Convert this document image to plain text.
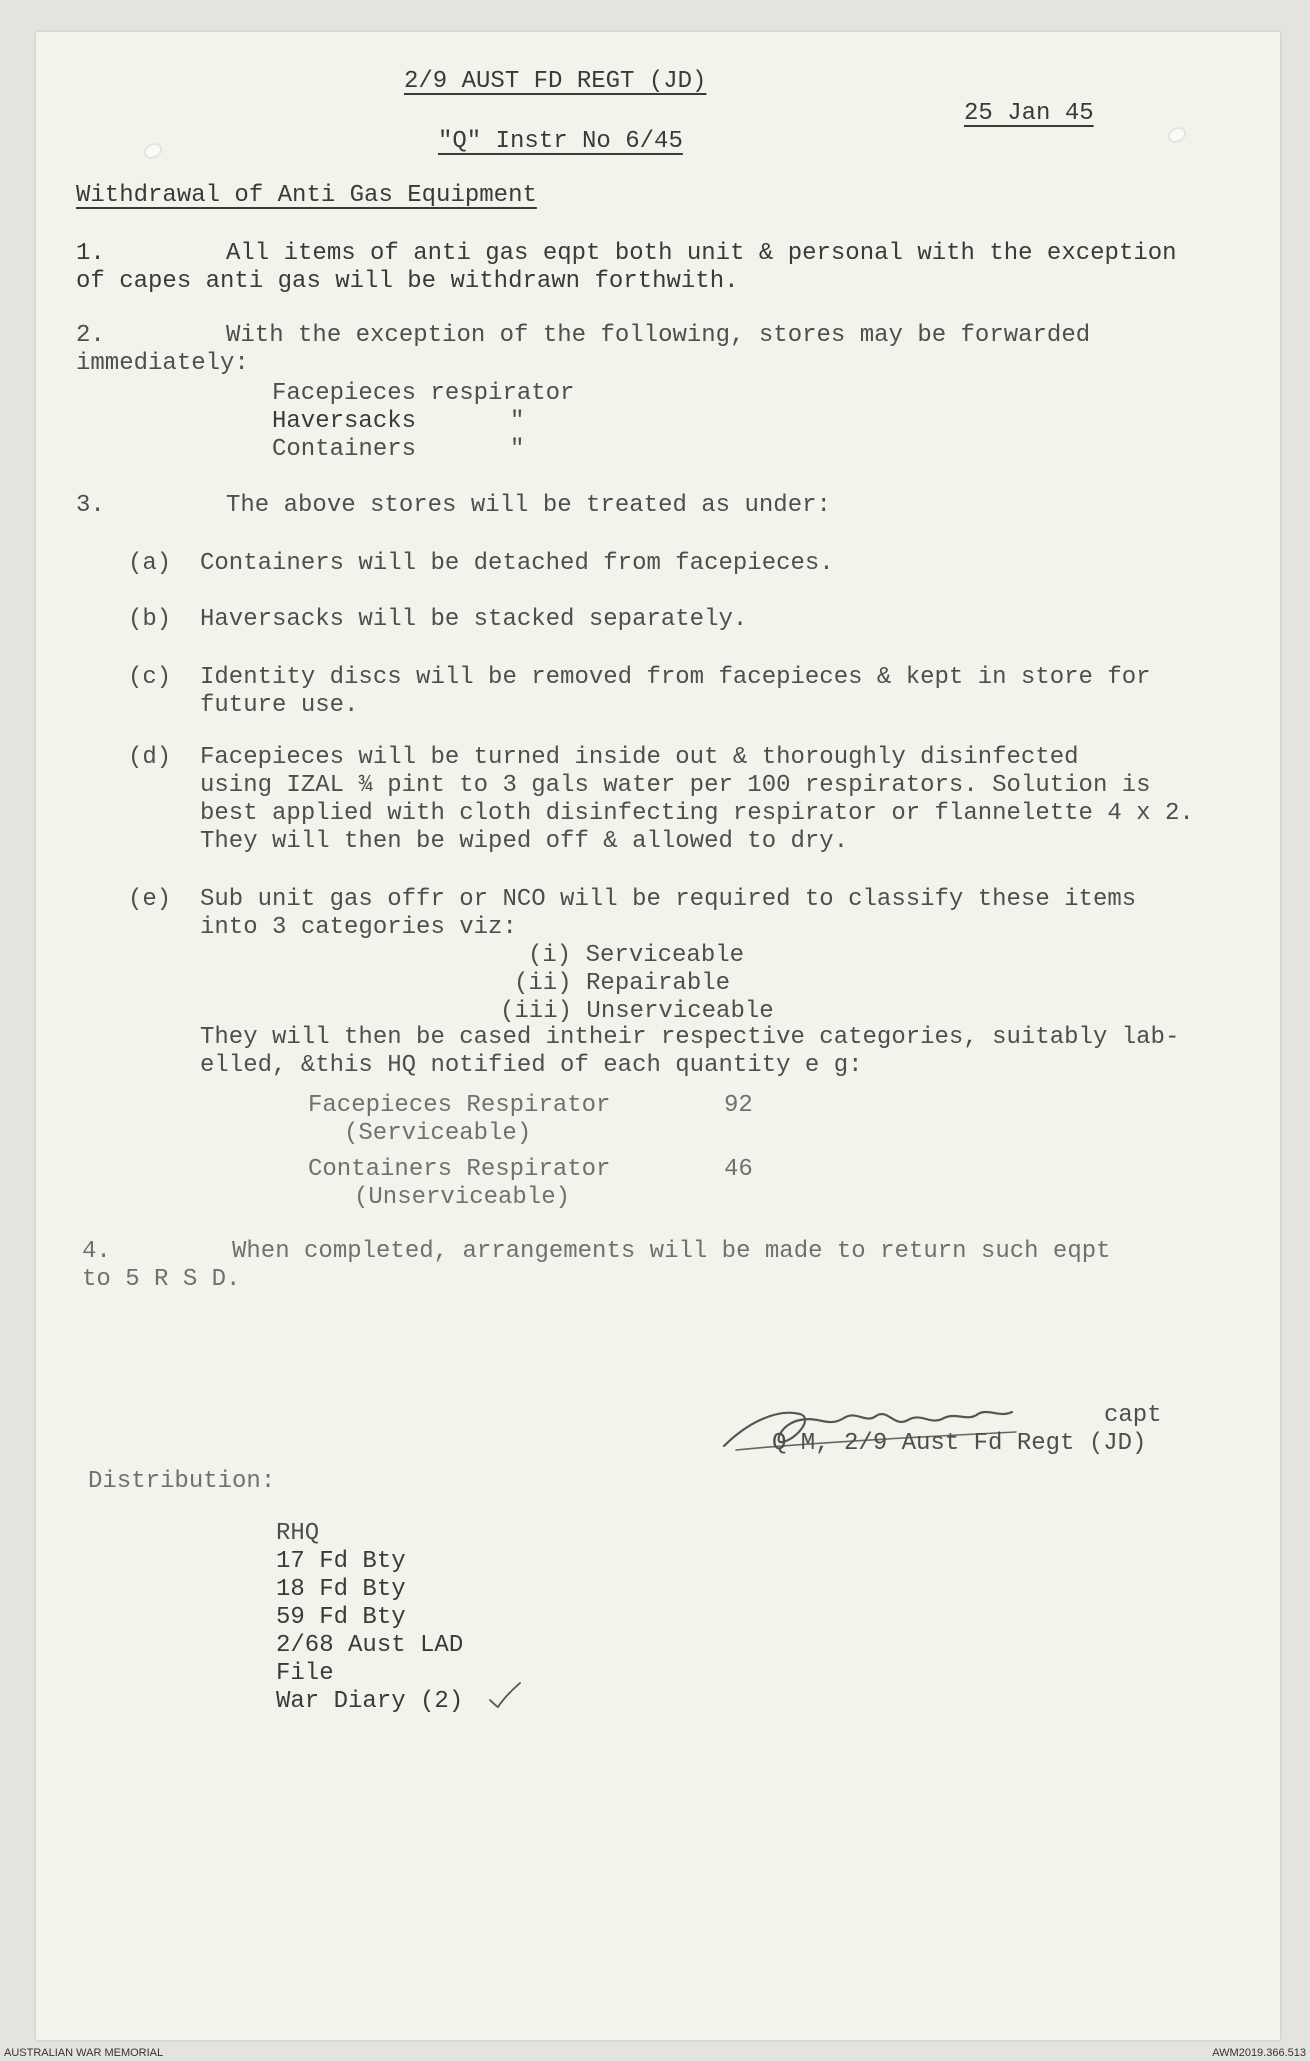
2/9 AUST FD REGT (JD)
"Q" Instr No 6/45
25 Jan 45
Withdrawal of Anti Gas Equipment
1.	All items of anti gas eqpt both unit & personal with the exception
of capes anti gas will be withdrawn forthwith.
2.	With the exception of the following, stores may be forwarded
immediately:
Facepieces respirator
Haversacks	"
Containers	"
3.	The above stores will be treated as under:
(a) Containers will be detached from facepieces.
(b) Haversacks will be stacked separately.
(c) Identity discs will be removed from facepieces & kept in store for
future use.
(d) Facepieces will be turned inside out & thoroughly disinfected
using IZAL ¾ pint to 3 gals water per 100 respirators. Solution is
best applied with cloth disinfecting respirator or flannelette 4 x 2.
They will then be wiped off & allowed to dry.
(e) Sub unit gas offr or NCO will be required to classify these items
into 3 categories viz:
(i) Serviceable
(ii) Repairable
(iii) Unserviceable
They will then be cased intheir respective categories, suitably lab-
elled, &this HQ notified of each quantity e g:
Facepieces Respirator	92
(Serviceable)
Containers Respirator	46
(Unserviceable)
4.	When completed, arrangements will be made to return such eqpt
to 5 R S D.
capt
Q M, 2/9 Aust Fd Regt (JD)
Distribution:
RHQ
17 Fd Bty
18 Fd Bty
59 Fd Bty
2/68 Aust LAD
File
War Diary (2)
AUSTRALIAN WAR MEMORIAL	AWM2019.366.513
